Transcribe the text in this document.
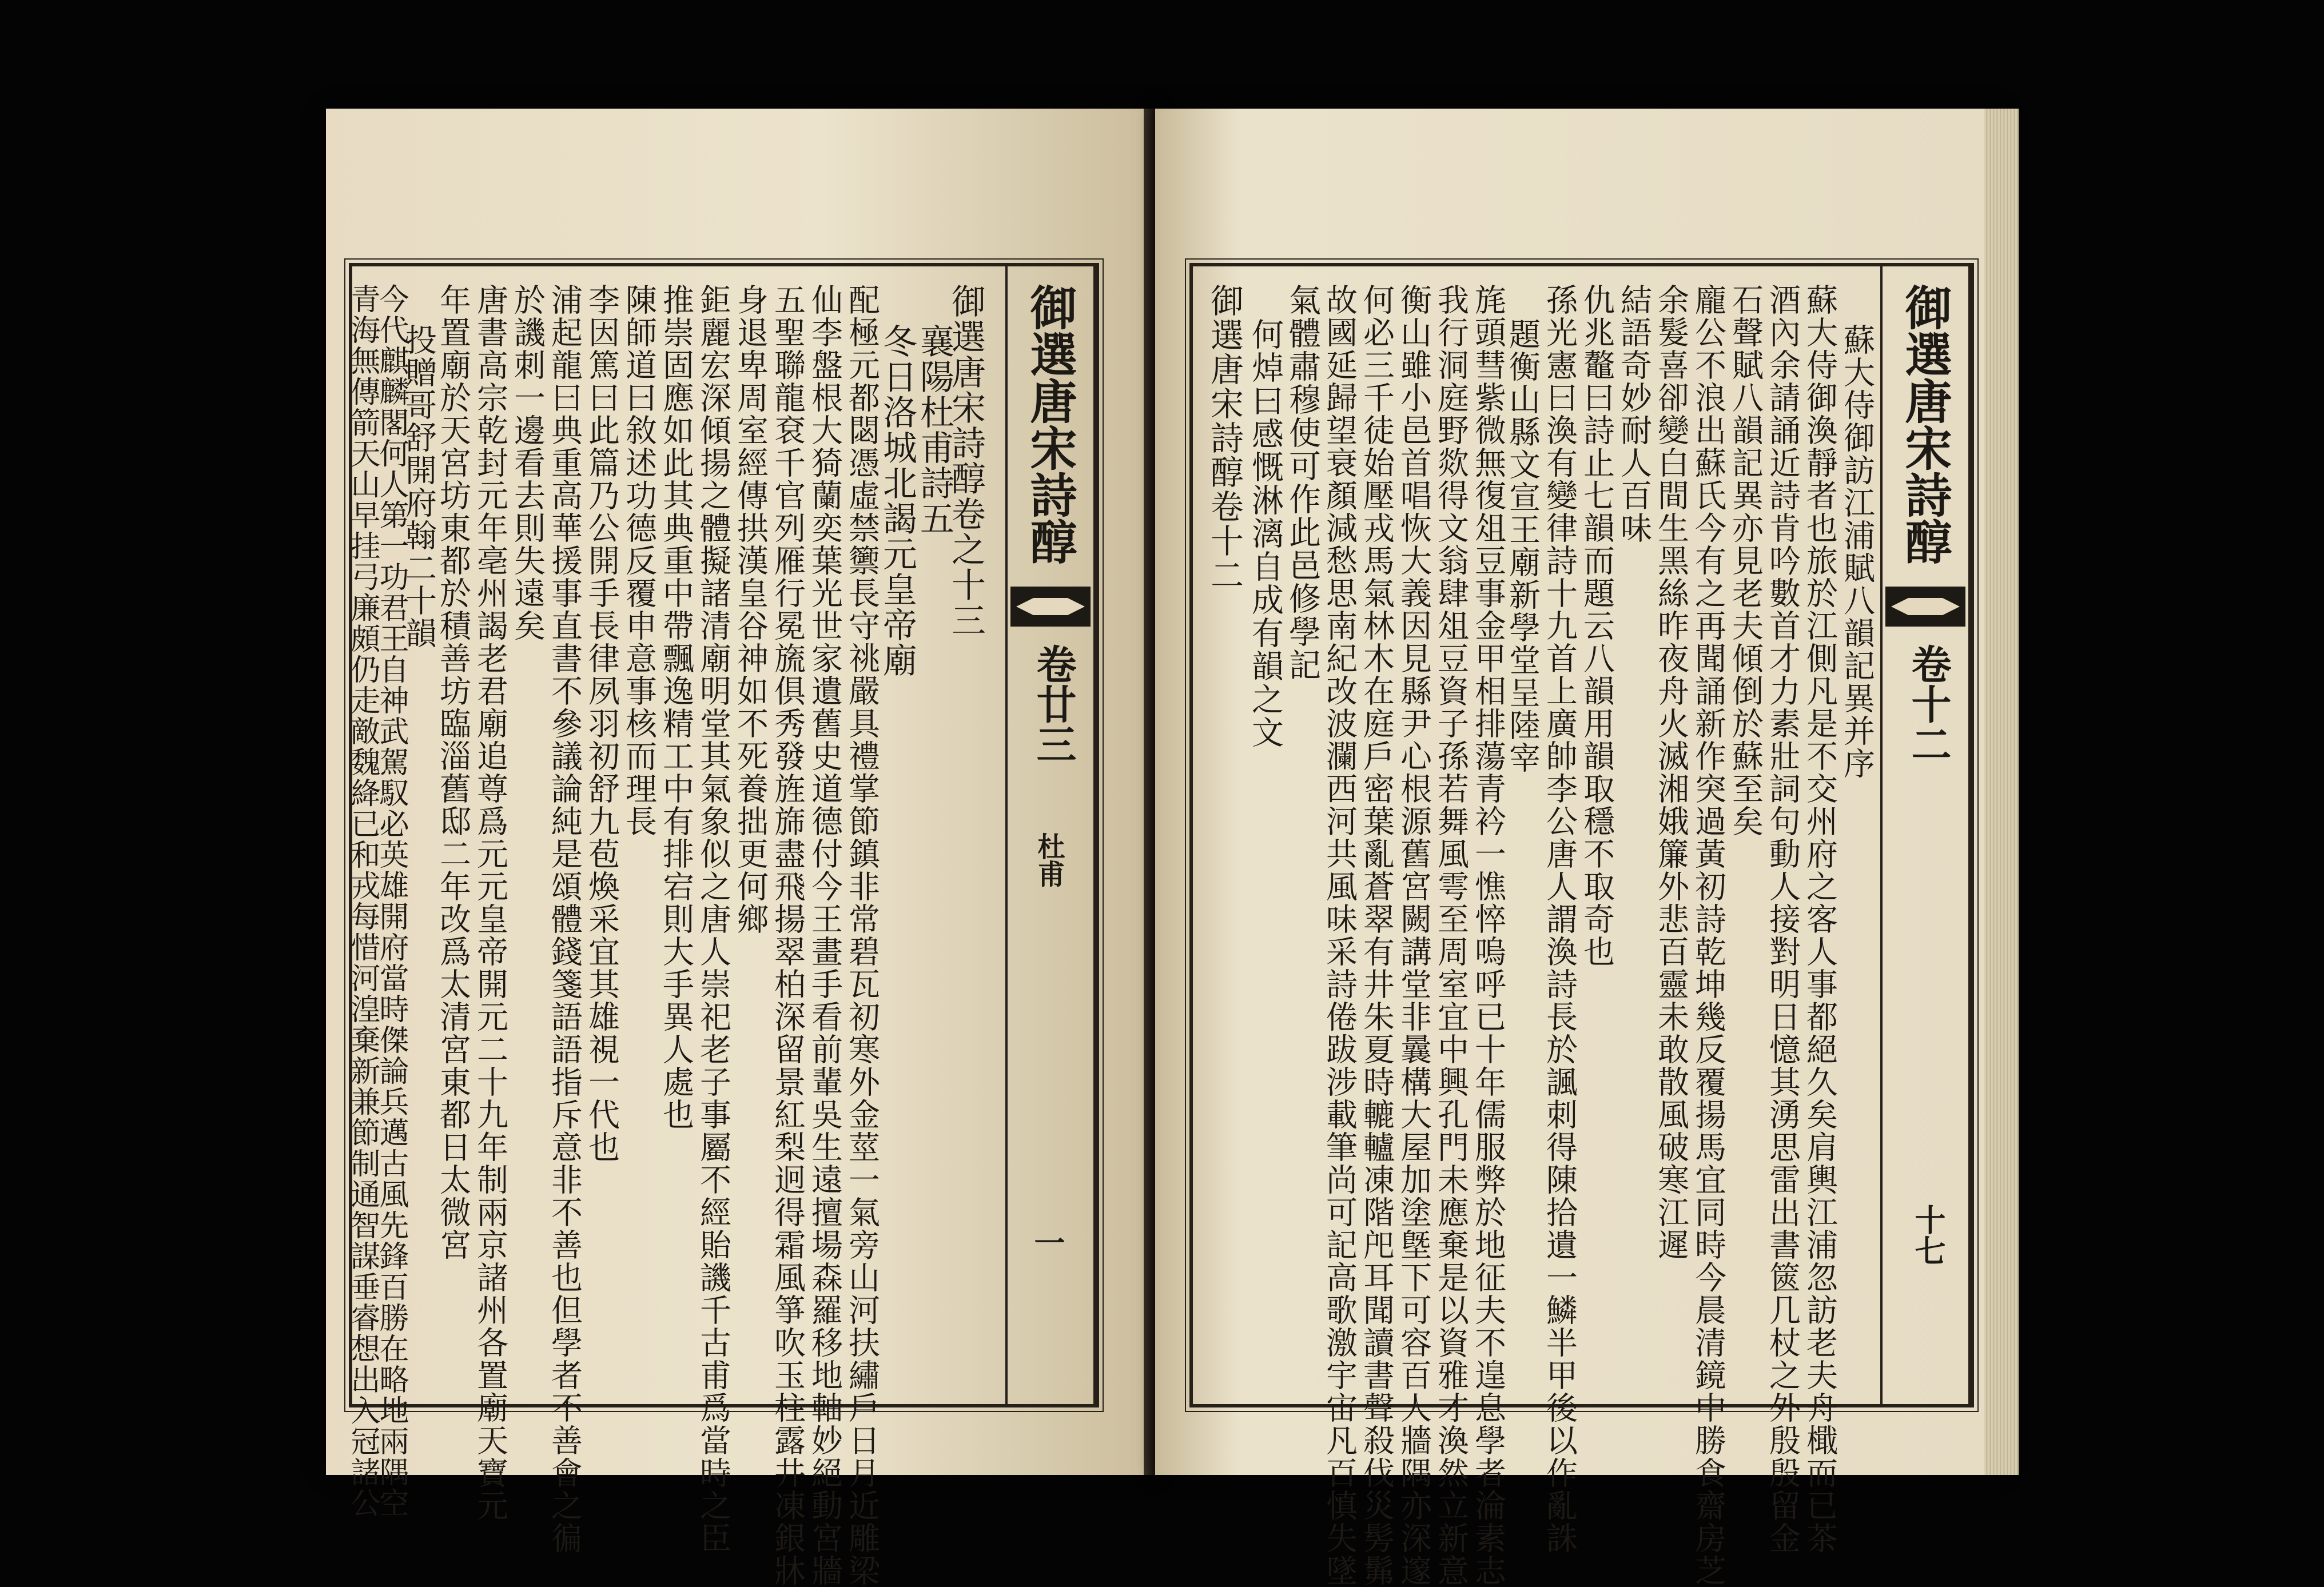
御選唐宋詩醇
卷廿三
杜甫
一
御選唐宋詩醇卷之十三
襄陽杜甫詩五
冬日洛城北謁元皇帝廟
配極元都閟憑虛禁籞長守祧嚴具禮掌節鎮非常碧瓦初寒外金莖一氣旁山河扶繡戶日月近雕梁
仙李盤根大猗蘭奕葉光世家遺舊史道德付今王畫手看前輩吳生遠擅場森羅移地軸妙絕動宮牆
五聖聯龍袞千官列雁行冕旒俱秀發旌旆盡飛揚翠柏深留景紅梨迥得霜風箏吹玉柱露井凍銀牀
身退卑周室經傳拱漢皇谷神如不死養拙更何鄉
鉅麗宏深傾揚之體擬諸清廟明堂其氣象似之唐人崇祀老子事屬不經貽譏千古甫爲當時之臣
推崇固應如此其典重中帶飄逸精工中有排宕則大手異人處也
陳師道曰敘述功德反覆申意事核而理長
李因篤曰此篇乃公開手長律夙羽初舒九苞煥采宜其雄視一代也
浦起龍曰典重高華援事直書不參議論純是頌體錢箋語語指斥意非不善也但學者不善會之徧
於譏刺一邊看去則失遠矣
唐書高宗乾封元年亳州謁老君廟追尊爲元元皇帝開元二十九年制兩京諸州各置廟天寶元
年置廟於天宮坊東都於積善坊臨淄舊邸二年改爲太清宮東都日太微宮
投贈哥舒開府翰二十韻
今代麒麟閣何人第一功君王自神武駕馭必英雄開府當時傑論兵邁古風先鋒百勝在略地兩隅空
青海無傳箭天山早挂弓廉頗仍走敵魏絳已和戎每惜河湟棄新兼節制通智謀垂睿想出入冠諸公	御選唐宋詩醇卷十二 何焯曰感慨淋漓自成有韻之文 氣體肅穆使可作此邑修學記 故國延歸望衰顏減愁思南紀改波瀾西河共風味采詩倦跋涉載筆尚可記高歌激宇宙凡百慎失墜 何必三千徒始壓戎馬氣林木在庭戶密葉亂蒼翠有井朱夏時轆轤凍階戺耳聞讀書聲殺伐災髣髴 衡山雖小邑首唱恢大義因見縣尹心根源舊宮闕講堂非曩構大屋加塗墍下可容百人牆隅亦深邃 我行洞庭野欻得文翁肆俎豆資子孫若舞風雩至周室宜中興孔門未應棄是以資雅才渙然立新意 旄頭彗紫微無復俎豆事金甲相排蕩青衿一憔悴嗚呼已十年儒服弊於地征夫不遑息學者淪素志
題衡山縣文宣王廟新學堂呈陸宰 孫光憲曰渙有變律詩十九首上廣帥李公唐人謂渙詩長於諷刺得陳拾遺一鱗半甲後以作亂誅 仇兆鼇曰詩止七韻而題云八韻用韻取穩不取奇也 結語奇妙耐人百味 余髮喜卻變白間生黑絲昨夜舟火滅湘娥簾外悲百靈未敢散風破寒江遲 龐公不浪出蘇氏今有之再聞誦新作突過黃初詩乾坤幾反覆揚馬宜同時今晨清鏡中勝食齋房芝 石聲賦八韻記異亦見老夫傾倒於蘇至矣 酒內余請誦近詩肯吟數首才力素壯詞句動人接對明日憶其湧思雷出書篋几杖之外殷殷留金 蘇大侍御渙靜者也旅於江側凡是不交州府之客人事都絕久矣肩輿江浦忽訪老夫舟檝而已茶 蘇大侍御訪江浦賦八韻記異并序 御選唐宋詩醇
卷十二
十七
